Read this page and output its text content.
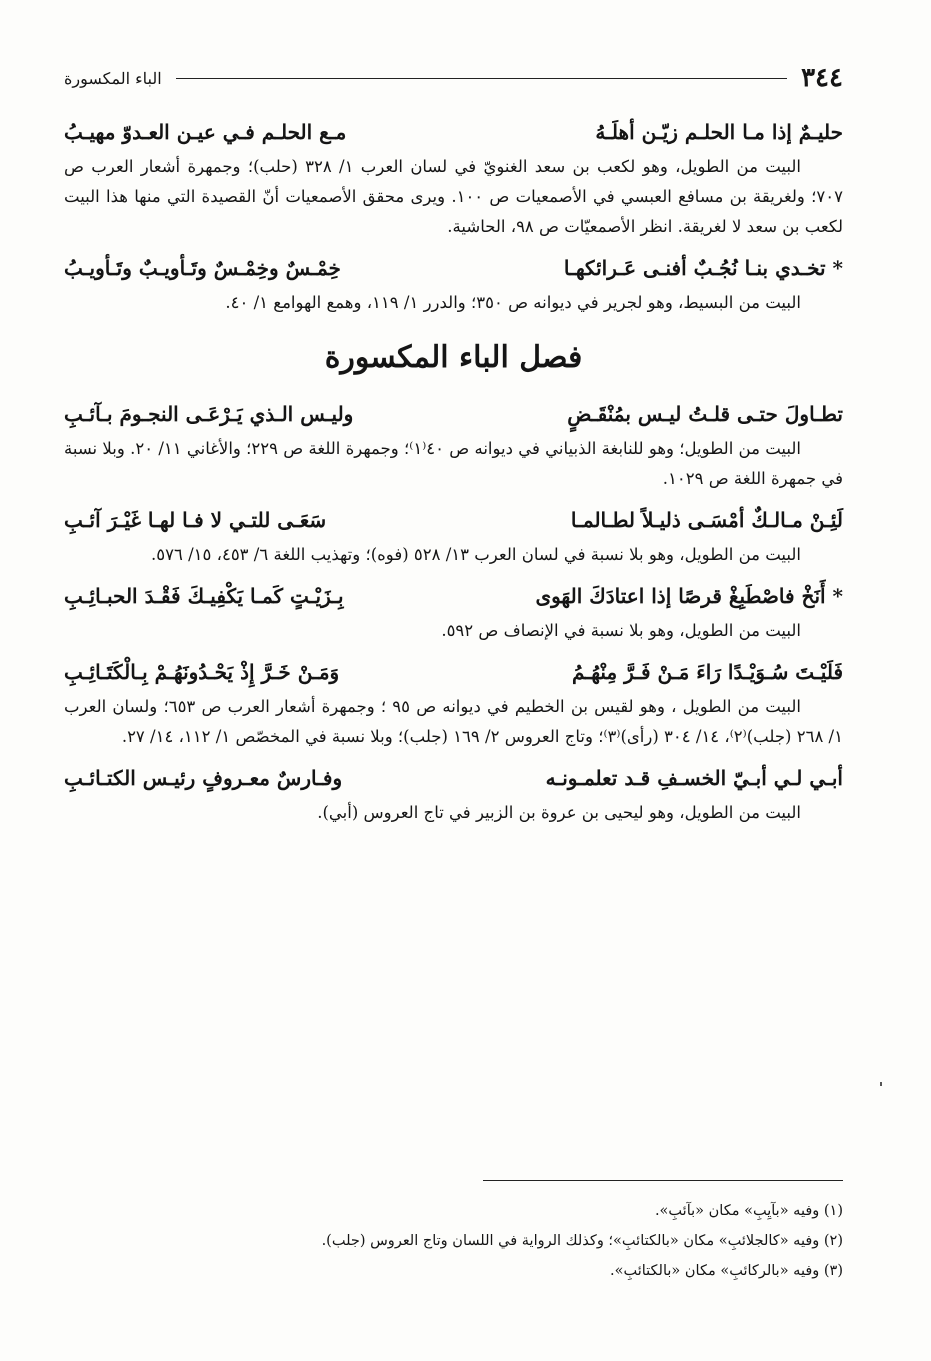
٣٤٤
الباء المكسورة
حليـمٌ إذا مـا الحلـم زيّـن أهلَـهُ
مـع الحلـم فـي عيـن العـدوّ مهيـبُ

البيت من الطويل، وهو لكعب بن سعد الغنويّ في لسان العرب ١/ ٣٢٨ (حلب)؛ وجمهرة أشعار العرب ص ٧٠٧؛ ولغريقة بن مسافع العبسي في الأصمعيات ص ١٠٠. ويرى محقق الأصمعيات أنّ القصيدة التي منها هذا البيت لكعب بن سعد لا لغريقة. انظر الأصمعيّات ص ٩٨، الحاشية.

* تخـدي بنـا نُجُـبٌ أفنـى عَـرائكهـا
خِمْـسٌ وخِمْـسٌ وتَـأويـبٌ وتَـأويـبُ

البيت من البسيط، وهو لجرير في ديوانه ص ٣٥٠؛ والدرر ١/ ١١٩، وهمع الهوامع ١/ ٤٠.

فصل الباء المكسورة
تطـاولَ حتـى قلـتُ ليـس بمُنْقَـضٍ
وليـس الـذي يَـرْعَـى النجـومَ بـآئـبِ

البيت من الطويل؛ وهو للنابغة الذبياني في ديوانه ص ٤٠⁽١⁾؛ وجمهرة اللغة ص ٢٢٩؛ والأغاني ١١/ ٢٠. وبلا نسبة في جمهرة اللغة ص ١٠٢٩.

لَئِـنْ مـالـكٌ أمْسَـى ذليـلاً لطـالمـا
سَعَـى للتـي لا فـا لهـا غَيْـرَ آئـبِ

البيت من الطويل، وهو بلا نسبة في لسان العرب ١٣/ ٥٢٨ (فوه)؛ وتهذيب اللغة ٦/ ٤٥٣، ١٥/ ٥٧٦.

* أَنَخْ فاصْطَبِغْ قرصًا إذا اعتادَكَ الهَوى
بِـزَيْـتٍ كَمـا يَكْفِيـكَ فَقْـدَ الحبـائِـبِ

البيت من الطويل، وهو بلا نسبة في الإنصاف ص ٥٩٢.

فَلَيْـتَ سُـوَيْـدًا رَاءَ مَـنْ فَـرَّ مِنْهُـمُ
وَمَـنْ خَـرَّ إِذْ يَحْـدُونَهُـمْ بِـالْكَتَـائِـبِ

البيت من الطويل ، وهو لقيس بن الخطيم في ديوانه ص ٩٥ ؛ وجمهرة أشعار العرب ص ٦٥٣؛ ولسان العرب ١/ ٢٦٨ (جلب)⁽٢⁾، ١٤/ ٣٠٤ (رأى)⁽٣⁾؛ وتاج العروس ٢/ ١٦٩ (جلب)؛ وبلا نسبة في المخصّص ١/ ١١٢، ١٤/ ٢٧.

أبـي لـي أبـيّ الخسـفِ قـد تعلمـونـه
وفـارسٌ معـروفٍ رئيـس الكتـائـبِ

البيت من الطويل، وهو ليحيى بن عروة بن الزبير في تاج العروس (أبي).

(١) وفيه «بآيِبِ» مكان «بآئبِ».
(٢) وفيه «كالجلائبِ» مكان «بالكتائبِ»؛ وكذلك الرواية في اللسان وتاج العروس (جلب).
(٣) وفيه «بالركائبِ» مكان «بالكتائبِ».
